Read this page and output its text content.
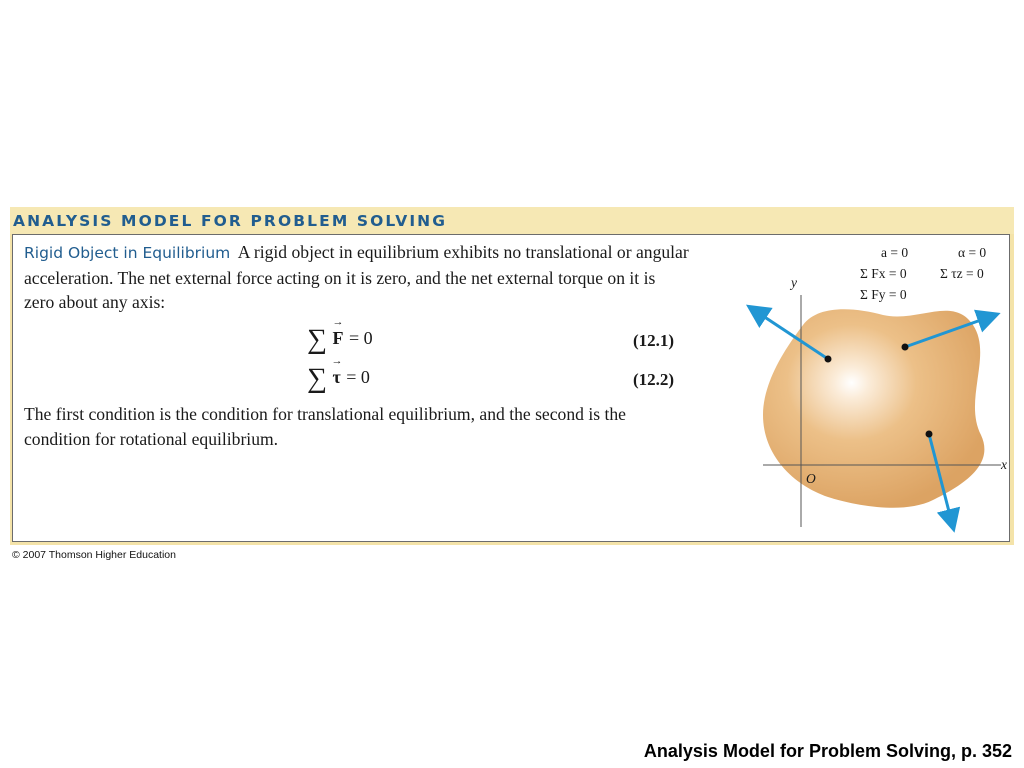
ANALYSIS MODEL FOR PROBLEM SOLVING
Rigid Object in Equilibrium A rigid object in equilibrium exhibits no translational or angular acceleration. The net external force acting on it is zero, and the net external torque on it is zero about any axis:
∑ → F = 0	(12.1)
∑ → τ = 0	(12.2)
The first condition is the condition for translational equilibrium, and the second is the condition for rotational equilibrium.
a = 0	α = 0
Σ Fx = 0 Σ τz = 0
Σ Fy = 0
y
x
O
© 2007 Thomson Higher Education
Analysis Model for Problem Solving, p. 352
